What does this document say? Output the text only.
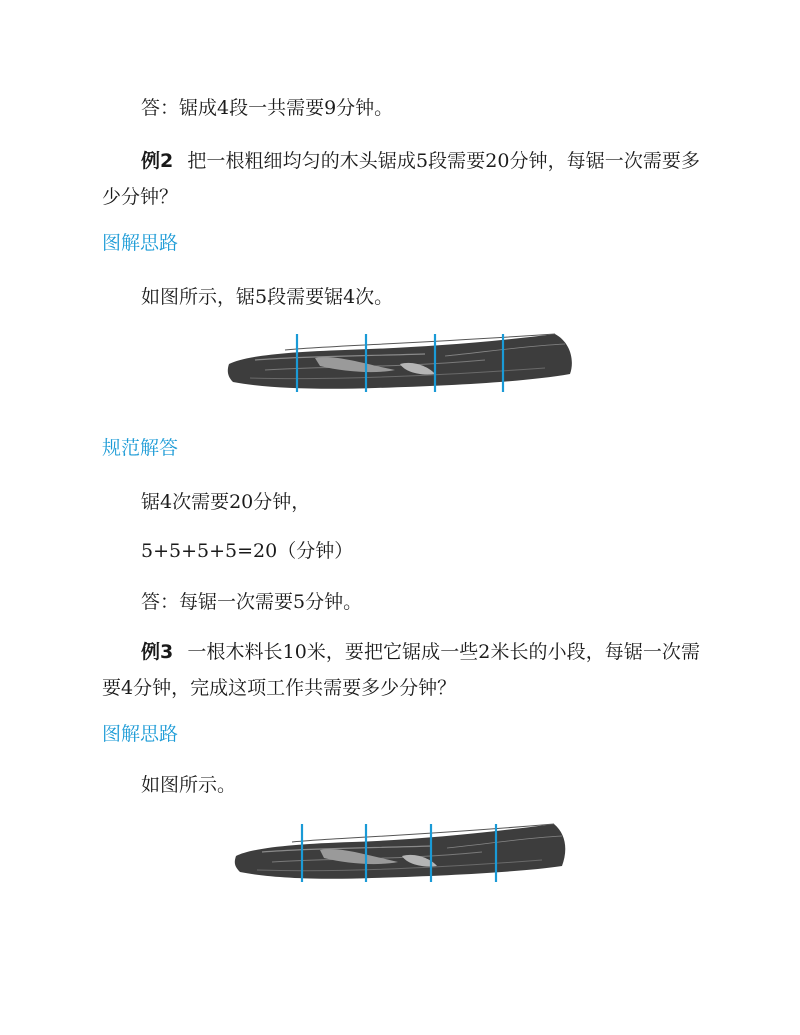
答：锯成4段一共需要9分钟。
例2 把一根粗细均匀的木头锯成5段需要20分钟，每锯一次需要多少分钟？
图解思路
如图所示，锯5段需要锯4次。
规范解答
锯4次需要20分钟，
5+5+5+5=20（分钟）
答：每锯一次需要5分钟。
例3 一根木料长10米，要把它锯成一些2米长的小段，每锯一次需要4分钟，完成这项工作共需要多少分钟？
图解思路
如图所示。
